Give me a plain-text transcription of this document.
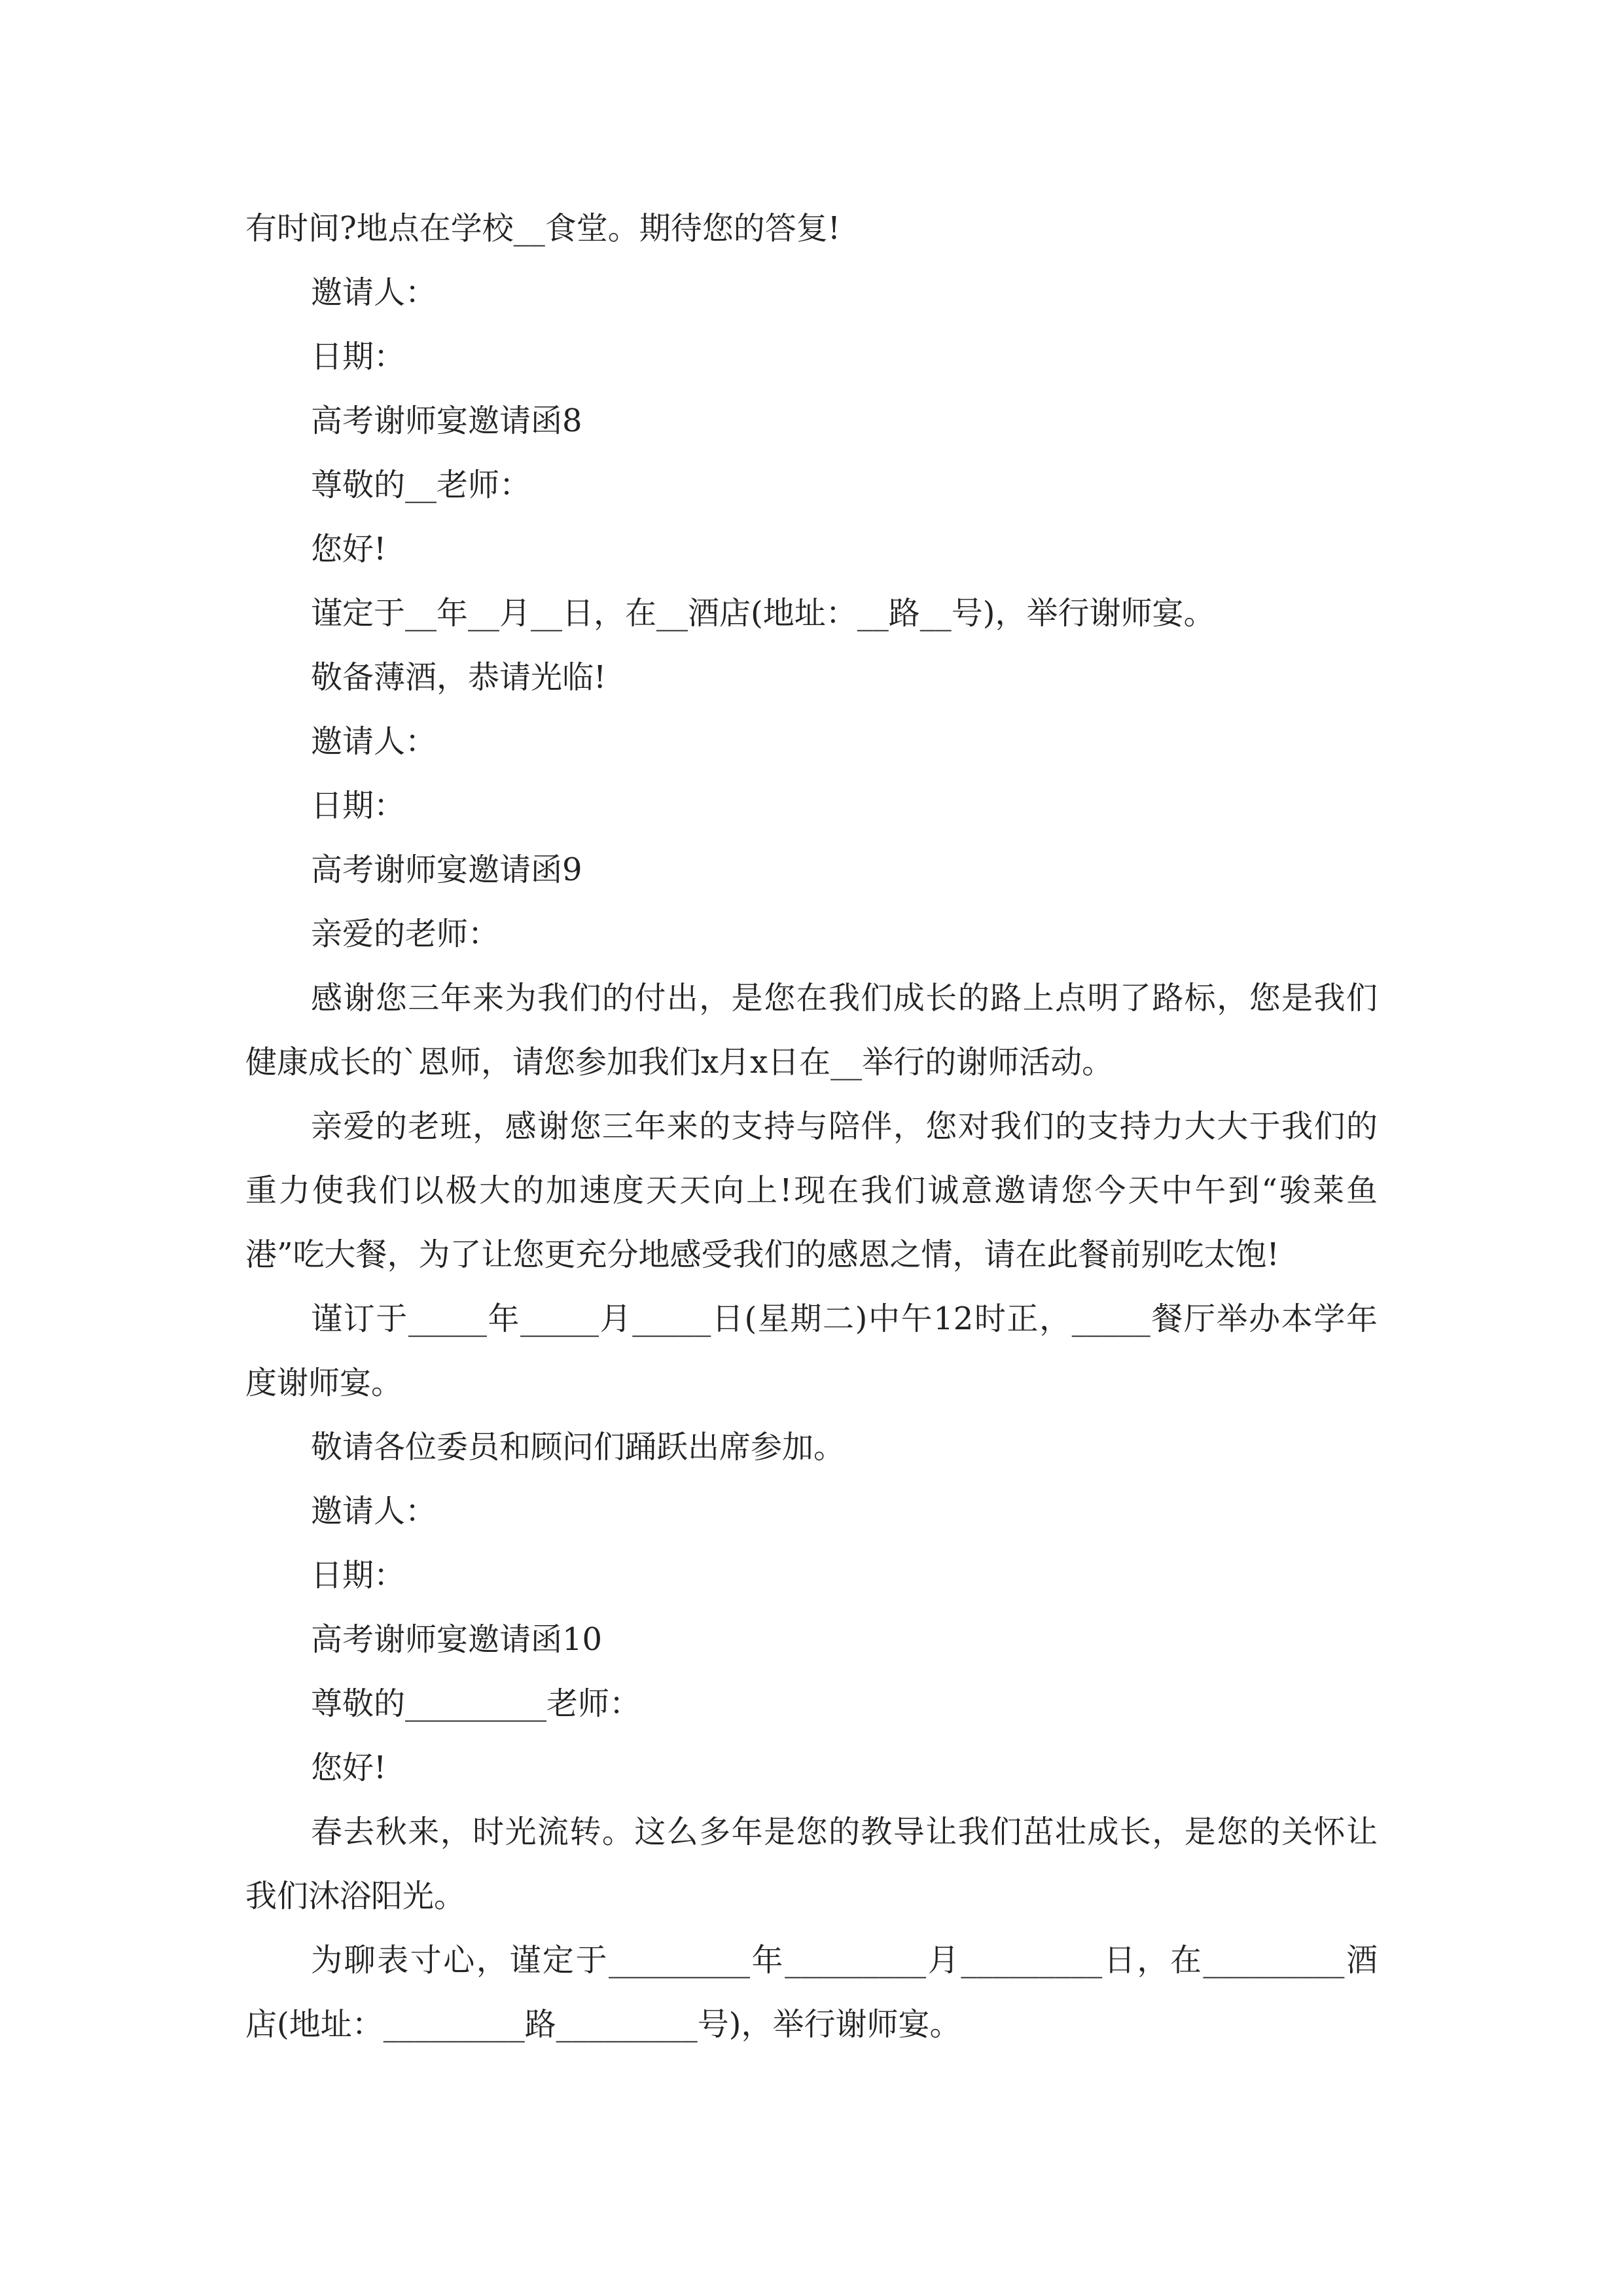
有时间?地点在学校__食堂。期待您的答复!

邀请人：

日期：

高考谢师宴邀请函8

尊敬的__老师：

您好!

谨定于__年__月__日，在__酒店(地址：__路__号)，举行谢师宴。

敬备薄酒，恭请光临!

邀请人：

日期：

高考谢师宴邀请函9

亲爱的老师：

感谢您三年来为我们的付出，是您在我们成长的路上点明了路标，您是我们健康成长的`恩师，请您参加我们x月x日在__举行的谢师活动。

亲爱的老班，感谢您三年来的支持与陪伴，您对我们的支持力大大于我们的重力使我们以极大的加速度天天向上!现在我们诚意邀请您今天中午到“骏莱鱼港”吃大餐，为了让您更充分地感受我们的感恩之情，请在此餐前别吃太饱!

谨订于_____年_____月_____日(星期二)中午12时正，_____餐厅举办本学年度谢师宴。

敬请各位委员和顾问们踊跃出席参加。

邀请人：

日期：

高考谢师宴邀请函10

尊敬的_________老师：

您好!

春去秋来，时光流转。这么多年是您的教导让我们茁壮成长，是您的关怀让我们沐浴阳光。

为聊表寸心，谨定于_________年_________月_________日，在_________酒店(地址：_________路_________号)，举行谢师宴。
